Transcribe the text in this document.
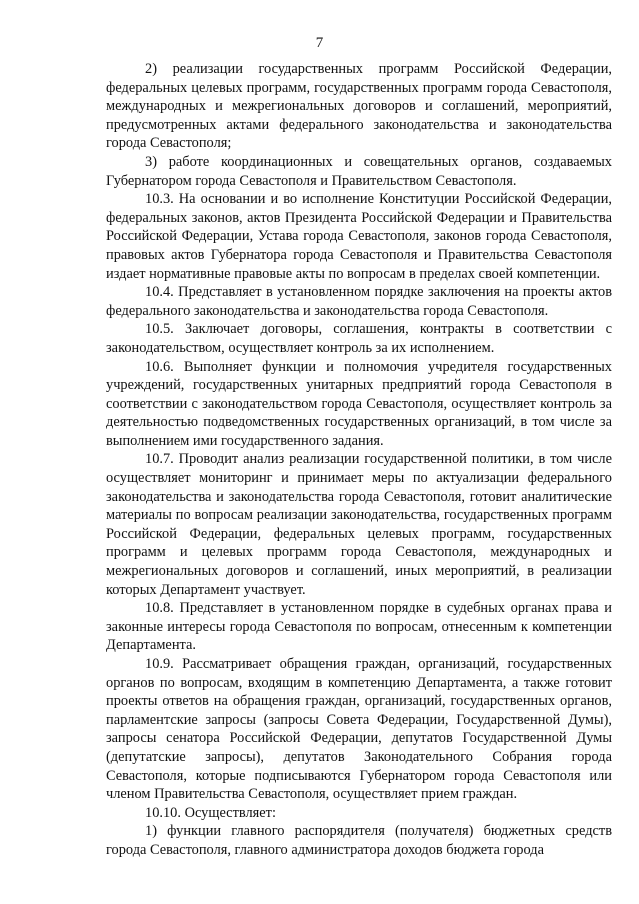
7

2) реализации государственных программ Российской Федерации, федеральных целевых программ, государственных программ города Севастополя, международных и межрегиональных договоров и соглашений, мероприятий, предусмотренных актами федерального законодательства и законодательства города Севастополя;

3) работе координационных и совещательных органов, создаваемых Губернатором города Севастополя и Правительством Севастополя.

10.3. На основании и во исполнение Конституции Российской Федерации, федеральных законов, актов Президента Российской Федерации и Правительства Российской Федерации, Устава города Севастополя, законов города Севастополя, правовых актов Губернатора города Севастополя и Правительства Севастополя издает нормативные правовые акты по вопросам в пределах своей компетенции.

10.4. Представляет в установленном порядке заключения на проекты актов федерального законодательства и законодательства города Севастополя.

10.5. Заключает договоры, соглашения, контракты в соответствии с законодательством, осуществляет контроль за их исполнением.

10.6. Выполняет функции и полномочия учредителя государственных учреждений, государственных унитарных предприятий города Севастополя в соответствии с законодательством города Севастополя, осуществляет контроль за деятельностью подведомственных государственных организаций, в том числе за выполнением ими государственного задания.

10.7. Проводит анализ реализации государственной политики, в том числе осуществляет мониторинг и принимает меры по актуализации федерального законодательства и законодательства города Севастополя, готовит аналитические материалы по вопросам реализации законодательства, государственных программ Российской Федерации, федеральных целевых программ, государственных программ и целевых программ города Севастополя, международных и межрегиональных договоров и соглашений, иных мероприятий, в реализации которых Департамент участвует.

10.8. Представляет в установленном порядке в судебных органах права и законные интересы города Севастополя по вопросам, отнесенным к компетенции Департамента.

10.9. Рассматривает обращения граждан, организаций, государственных органов по вопросам, входящим в компетенцию Департамента, а также готовит проекты ответов на обращения граждан, организаций, государственных органов, парламентские запросы (запросы Совета Федерации, Государственной Думы), запросы сенатора Российской Федерации, депутатов Государственной Думы (депутатские запросы), депутатов Законодательного Собрания города Севастополя, которые подписываются Губернатором города Севастополя или членом Правительства Севастополя, осуществляет прием граждан.

10.10. Осуществляет:

1) функции главного распорядителя (получателя) бюджетных средств города Севастополя, главного администратора доходов бюджета города
